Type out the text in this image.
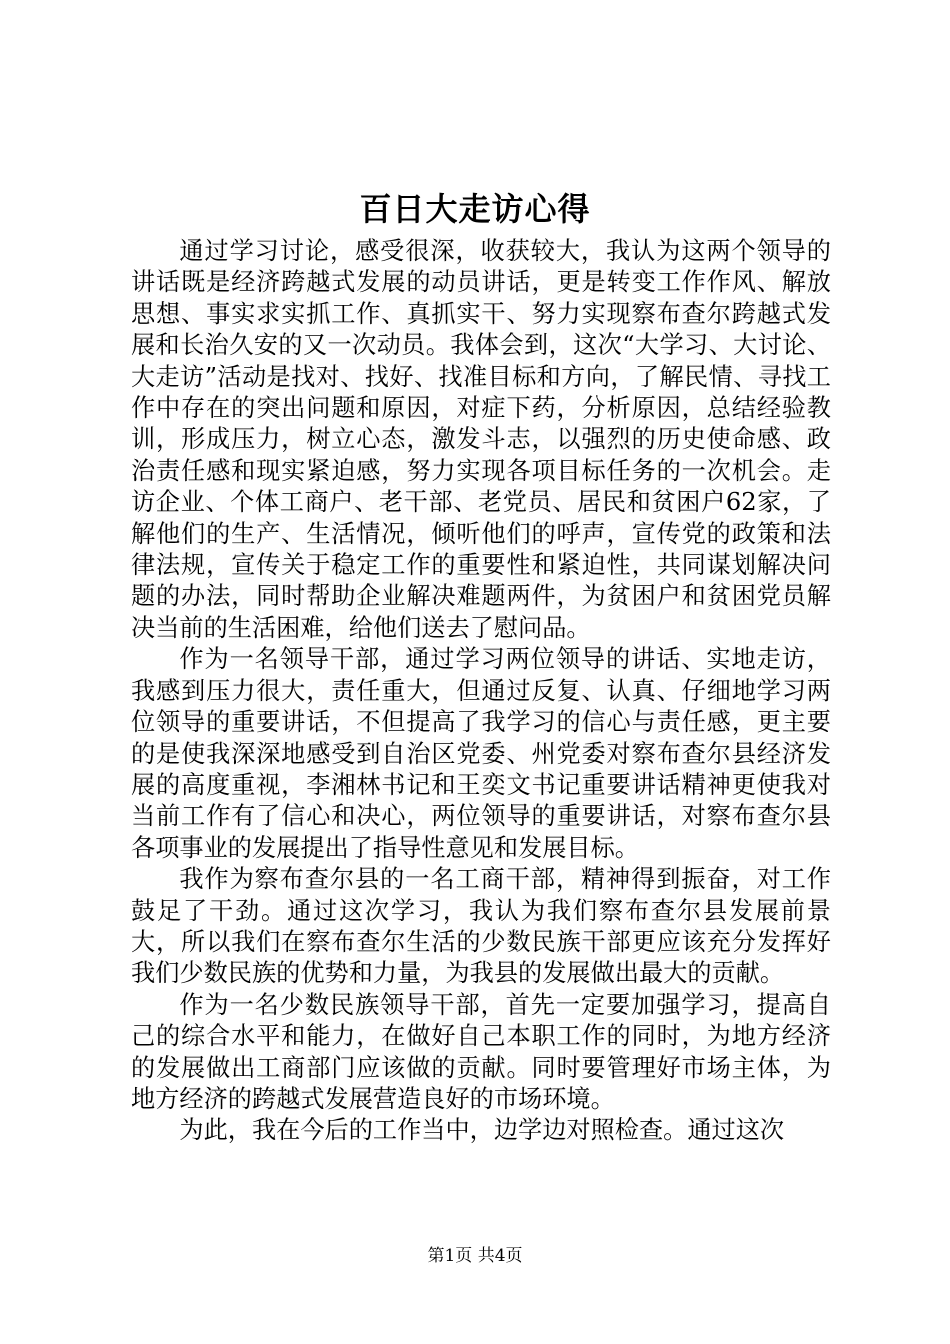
百日大走访心得

通过学习讨论，感受很深，收获较大，我认为这两个领导的讲话既是经济跨越式发展的动员讲话，更是转变工作作风、解放思想、事实求实抓工作、真抓实干、努力实现察布查尔跨越式发展和长治久安的又一次动员。我体会到，这次“大学习、大讨论、大走访”活动是找对、找好、找准目标和方向，了解民情、寻找工作中存在的突出问题和原因，对症下药，分析原因，总结经验教训，形成压力，树立心态，激发斗志，以强烈的历史使命感、政治责任感和现实紧迫感，努力实现各项目标任务的一次机会。走访企业、个体工商户、老干部、老党员、居民和贫困户62家，了解他们的生产、生活情况，倾听他们的呼声，宣传党的政策和法律法规，宣传关于稳定工作的重要性和紧迫性，共同谋划解决问题的办法，同时帮助企业解决难题两件，为贫困户和贫困党员解决当前的生活困难，给他们送去了慰问品。

作为一名领导干部，通过学习两位领导的讲话、实地走访，我感到压力很大，责任重大，但通过反复、认真、仔细地学习两位领导的重要讲话，不但提高了我学习的信心与责任感，更主要的是使我深深地感受到自治区党委、州党委对察布查尔县经济发展的高度重视，李湘林书记和王奕文书记重要讲话精神更使我对当前工作有了信心和决心，两位领导的重要讲话，对察布查尔县各项事业的发展提出了指导性意见和发展目标。

我作为察布查尔县的一名工商干部，精神得到振奋，对工作鼓足了干劲。通过这次学习，我认为我们察布查尔县发展前景大，所以我们在察布查尔生活的少数民族干部更应该充分发挥好我们少数民族的优势和力量，为我县的发展做出最大的贡献。

作为一名少数民族领导干部，首先一定要加强学习，提高自己的综合水平和能力，在做好自己本职工作的同时，为地方经济的发展做出工商部门应该做的贡献。同时要管理好市场主体，为地方经济的跨越式发展营造良好的市场环境。

为此，我在今后的工作当中，边学边对照检查。通过这次

第1页 共4页
